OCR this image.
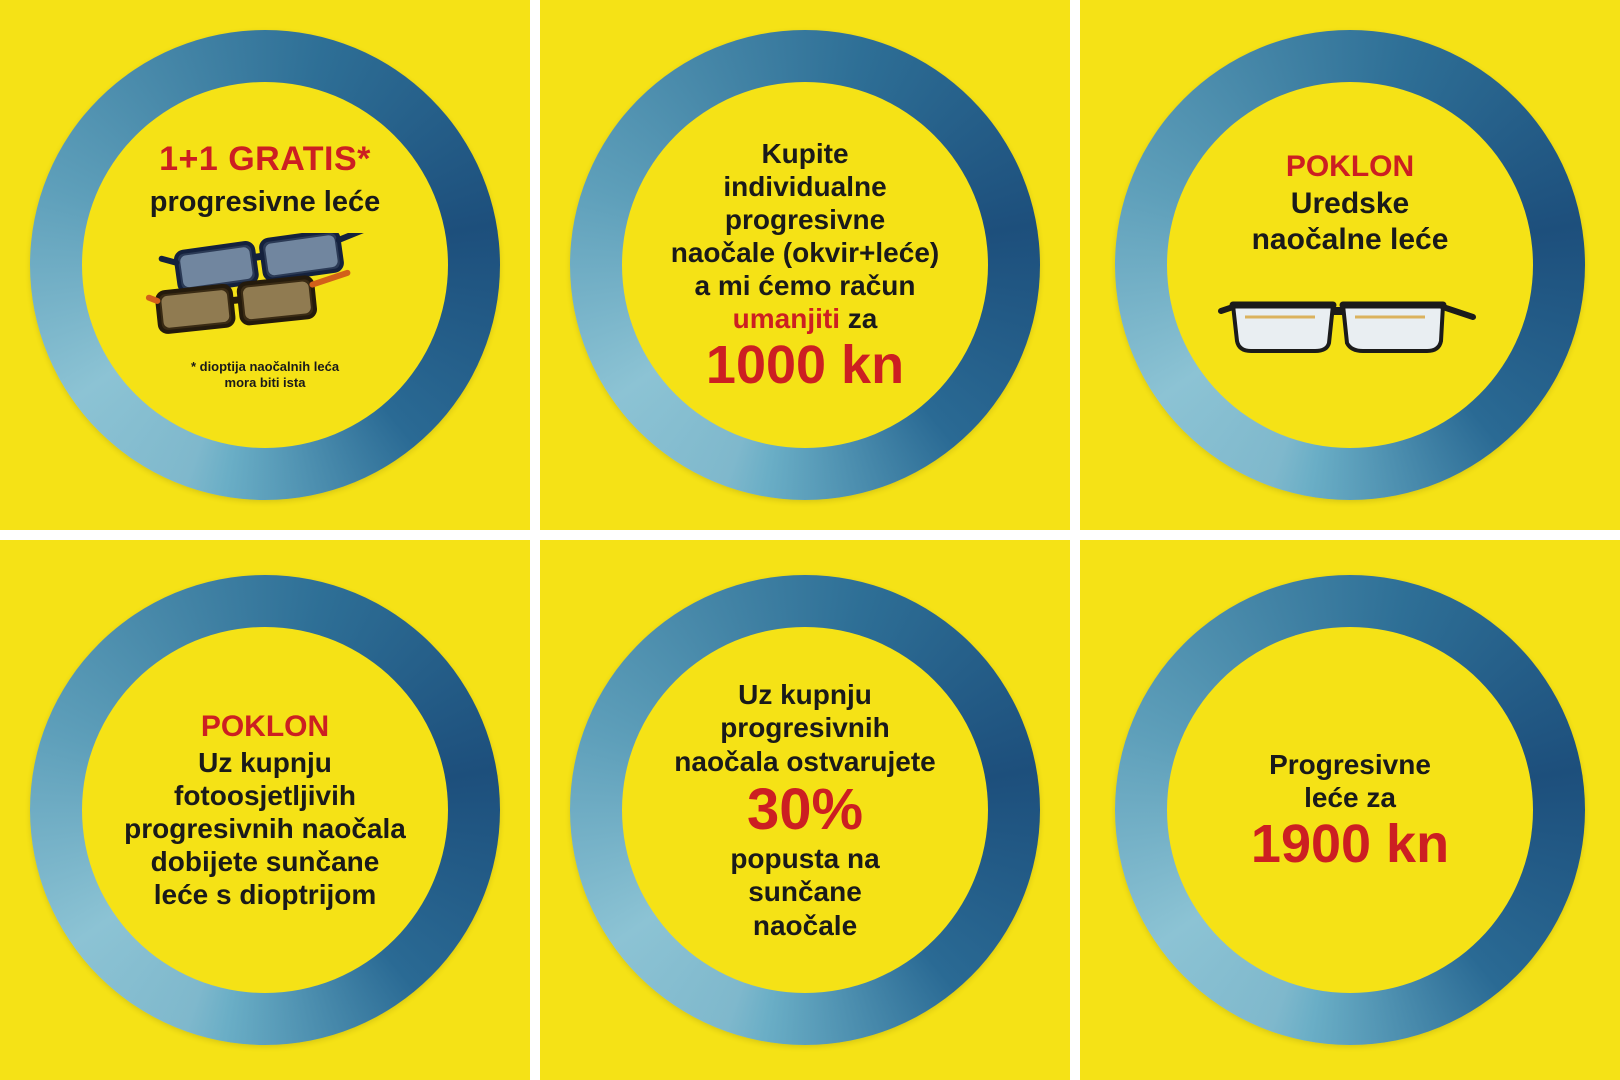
1+1 GRATIS*
progresivne leće
* dioptija naočalnih leća
mora biti ista
Kupite
individualne
progresivne
naočale (okvir+leće)
a mi ćemo račun
umanjiti za
1000 kn
POKLON
Uredske
naočalne leće
POKLON
Uz kupnju
fotoosjetljivih
progresivnih naočala
dobijete sunčane
leće s dioptrijom
Uz kupnju
progresivnih
naočala ostvarujete
30%
popusta na
sunčane
naočale
Progresivne
leće za
1900 kn
